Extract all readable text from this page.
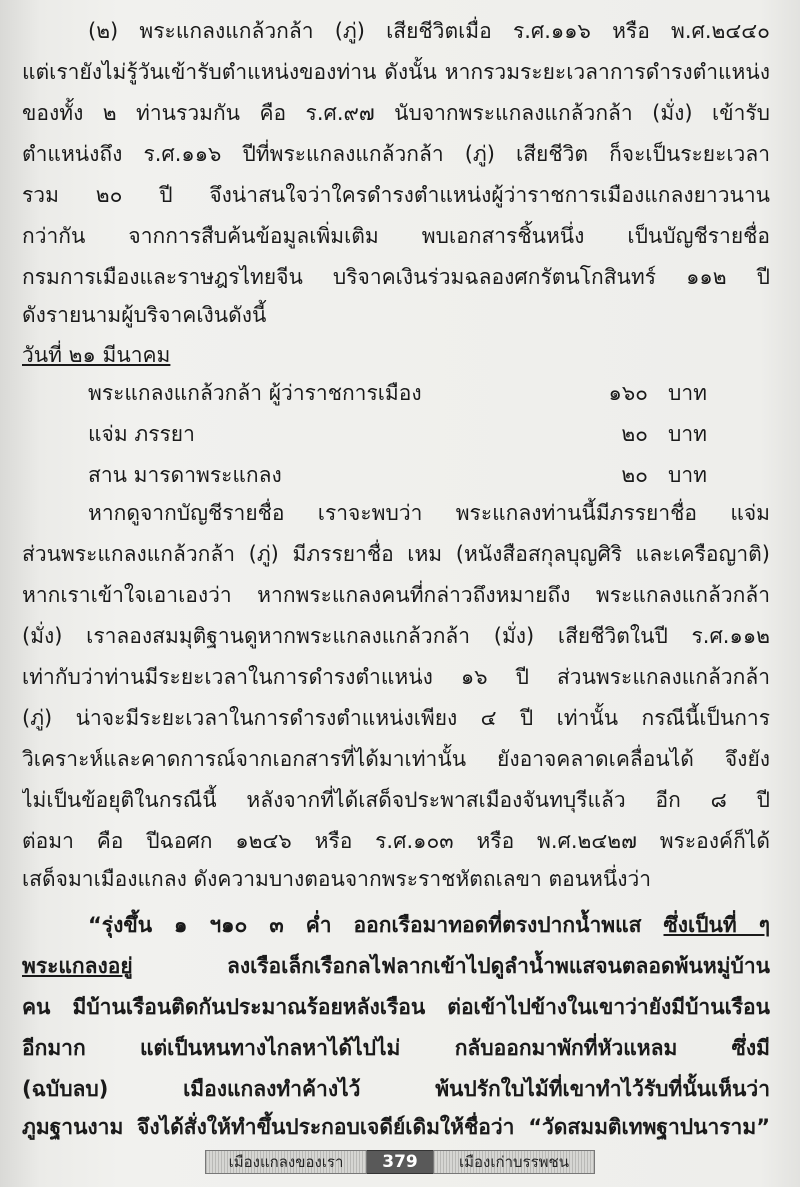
(๒) พระแกลงแกล้วกล้า (ภู่) เสียชีวิตเมื่อ ร.ศ.๑๑๖ หรือ พ.ศ.๒๔๔๐
แต่เรายังไม่รู้วันเข้ารับตำแหน่งของท่าน ดังนั้น หากรวมระยะเวลาการดำรงตำแหน่ง
ของทั้ง ๒ ท่านรวมกัน คือ ร.ศ.๙๗ นับจากพระแกลงแกล้วกล้า (มั่ง) เข้ารับ
ตำแหน่งถึง ร.ศ.๑๑๖ ปีที่พระแกลงแกล้วกล้า (ภู่) เสียชีวิต ก็จะเป็นระยะเวลา
รวม ๒๐ ปี จึงน่าสนใจว่าใครดำรงตำแหน่งผู้ว่าราชการเมืองแกลงยาวนาน
กว่ากัน จากการสืบค้นข้อมูลเพิ่มเติม พบเอกสารชิ้นหนึ่ง เป็นบัญชีรายชื่อ
กรมการเมืองและราษฎรไทยจีน บริจาคเงินร่วมฉลองศกรัตนโกสินทร์ ๑๑๒ ปี
ดังรายนามผู้บริจาคเงินดังนี้
วันที่ ๒๑ มีนาคม
พระแกลงแกล้วกล้า ผู้ว่าราชการเมือง	๑๖๐ บาท
แจ่ม ภรรยา	๒๐ บาท
สาน มารดาพระแกลง	๒๐ บาท
หากดูจากบัญชีรายชื่อ เราจะพบว่า พระแกลงท่านนี้มีภรรยาชื่อ แจ่ม
ส่วนพระแกลงแกล้วกล้า (ภู่) มีภรรยาชื่อ เหม (หนังสือสกุลบุญศิริ และเครือญาติ)
หากเราเข้าใจเอาเองว่า หากพระแกลงคนที่กล่าวถึงหมายถึง พระแกลงแกล้วกล้า
(มั่ง) เราลองสมมุติฐานดูหากพระแกลงแกล้วกล้า (มั่ง) เสียชีวิตในปี ร.ศ.๑๑๒
เท่ากับว่าท่านมีระยะเวลาในการดำรงตำแหน่ง ๑๖ ปี ส่วนพระแกลงแกล้วกล้า
(ภู่) น่าจะมีระยะเวลาในการดำรงตำแหน่งเพียง ๔ ปี เท่านั้น กรณีนี้เป็นการ
วิเคราะห์และคาดการณ์จากเอกสารที่ได้มาเท่านั้น ยังอาจคลาดเคลื่อนได้ จึงยัง
ไม่เป็นข้อยุติในกรณีนี้ หลังจากที่ได้เสด็จประพาสเมืองจันทบุรีแล้ว อีก ๘ ปี
ต่อมา คือ ปีฉอศก ๑๒๔๖ หรือ ร.ศ.๑๐๓ หรือ พ.ศ.๒๔๒๗ พระองค์ก็ได้
เสด็จมาเมืองแกลง ดังความบางตอนจากพระราชหัตถเลขา ตอนหนึ่งว่า
“รุ่งขึ้น ๑ ฯ๑๐ ๓ ค่ำ ออกเรือมาทอดที่ตรงปากน้ำพแส ซึ่งเป็นที่ ๆ
พระแกลงอยู่ ลงเรือเล็กเรือกลไฟลากเข้าไปดูลำน้ำพแสจนตลอดพ้นหมู่บ้าน
คน มีบ้านเรือนติดกันประมาณร้อยหลังเรือน ต่อเข้าไปข้างในเขาว่ายังมีบ้านเรือน
อีกมาก แต่เป็นหนทางไกลหาได้ไปไม่ กลับออกมาพักที่หัวแหลม ซึ่งมี
(ฉบับลบ) เมืองแกลงทำค้างไว้ พ้นปรักใบไม้ที่เขาทำไว้รับที่นั้นเห็นว่า
ภูมฐานงาม จึงได้สั่งให้ทำขึ้นประกอบเจดีย์เดิมให้ชื่อว่า “วัดสมมติเทพฐาปนาราม”
เมืองแกลงของเรา	379	เมืองเก่าบรรพชน
